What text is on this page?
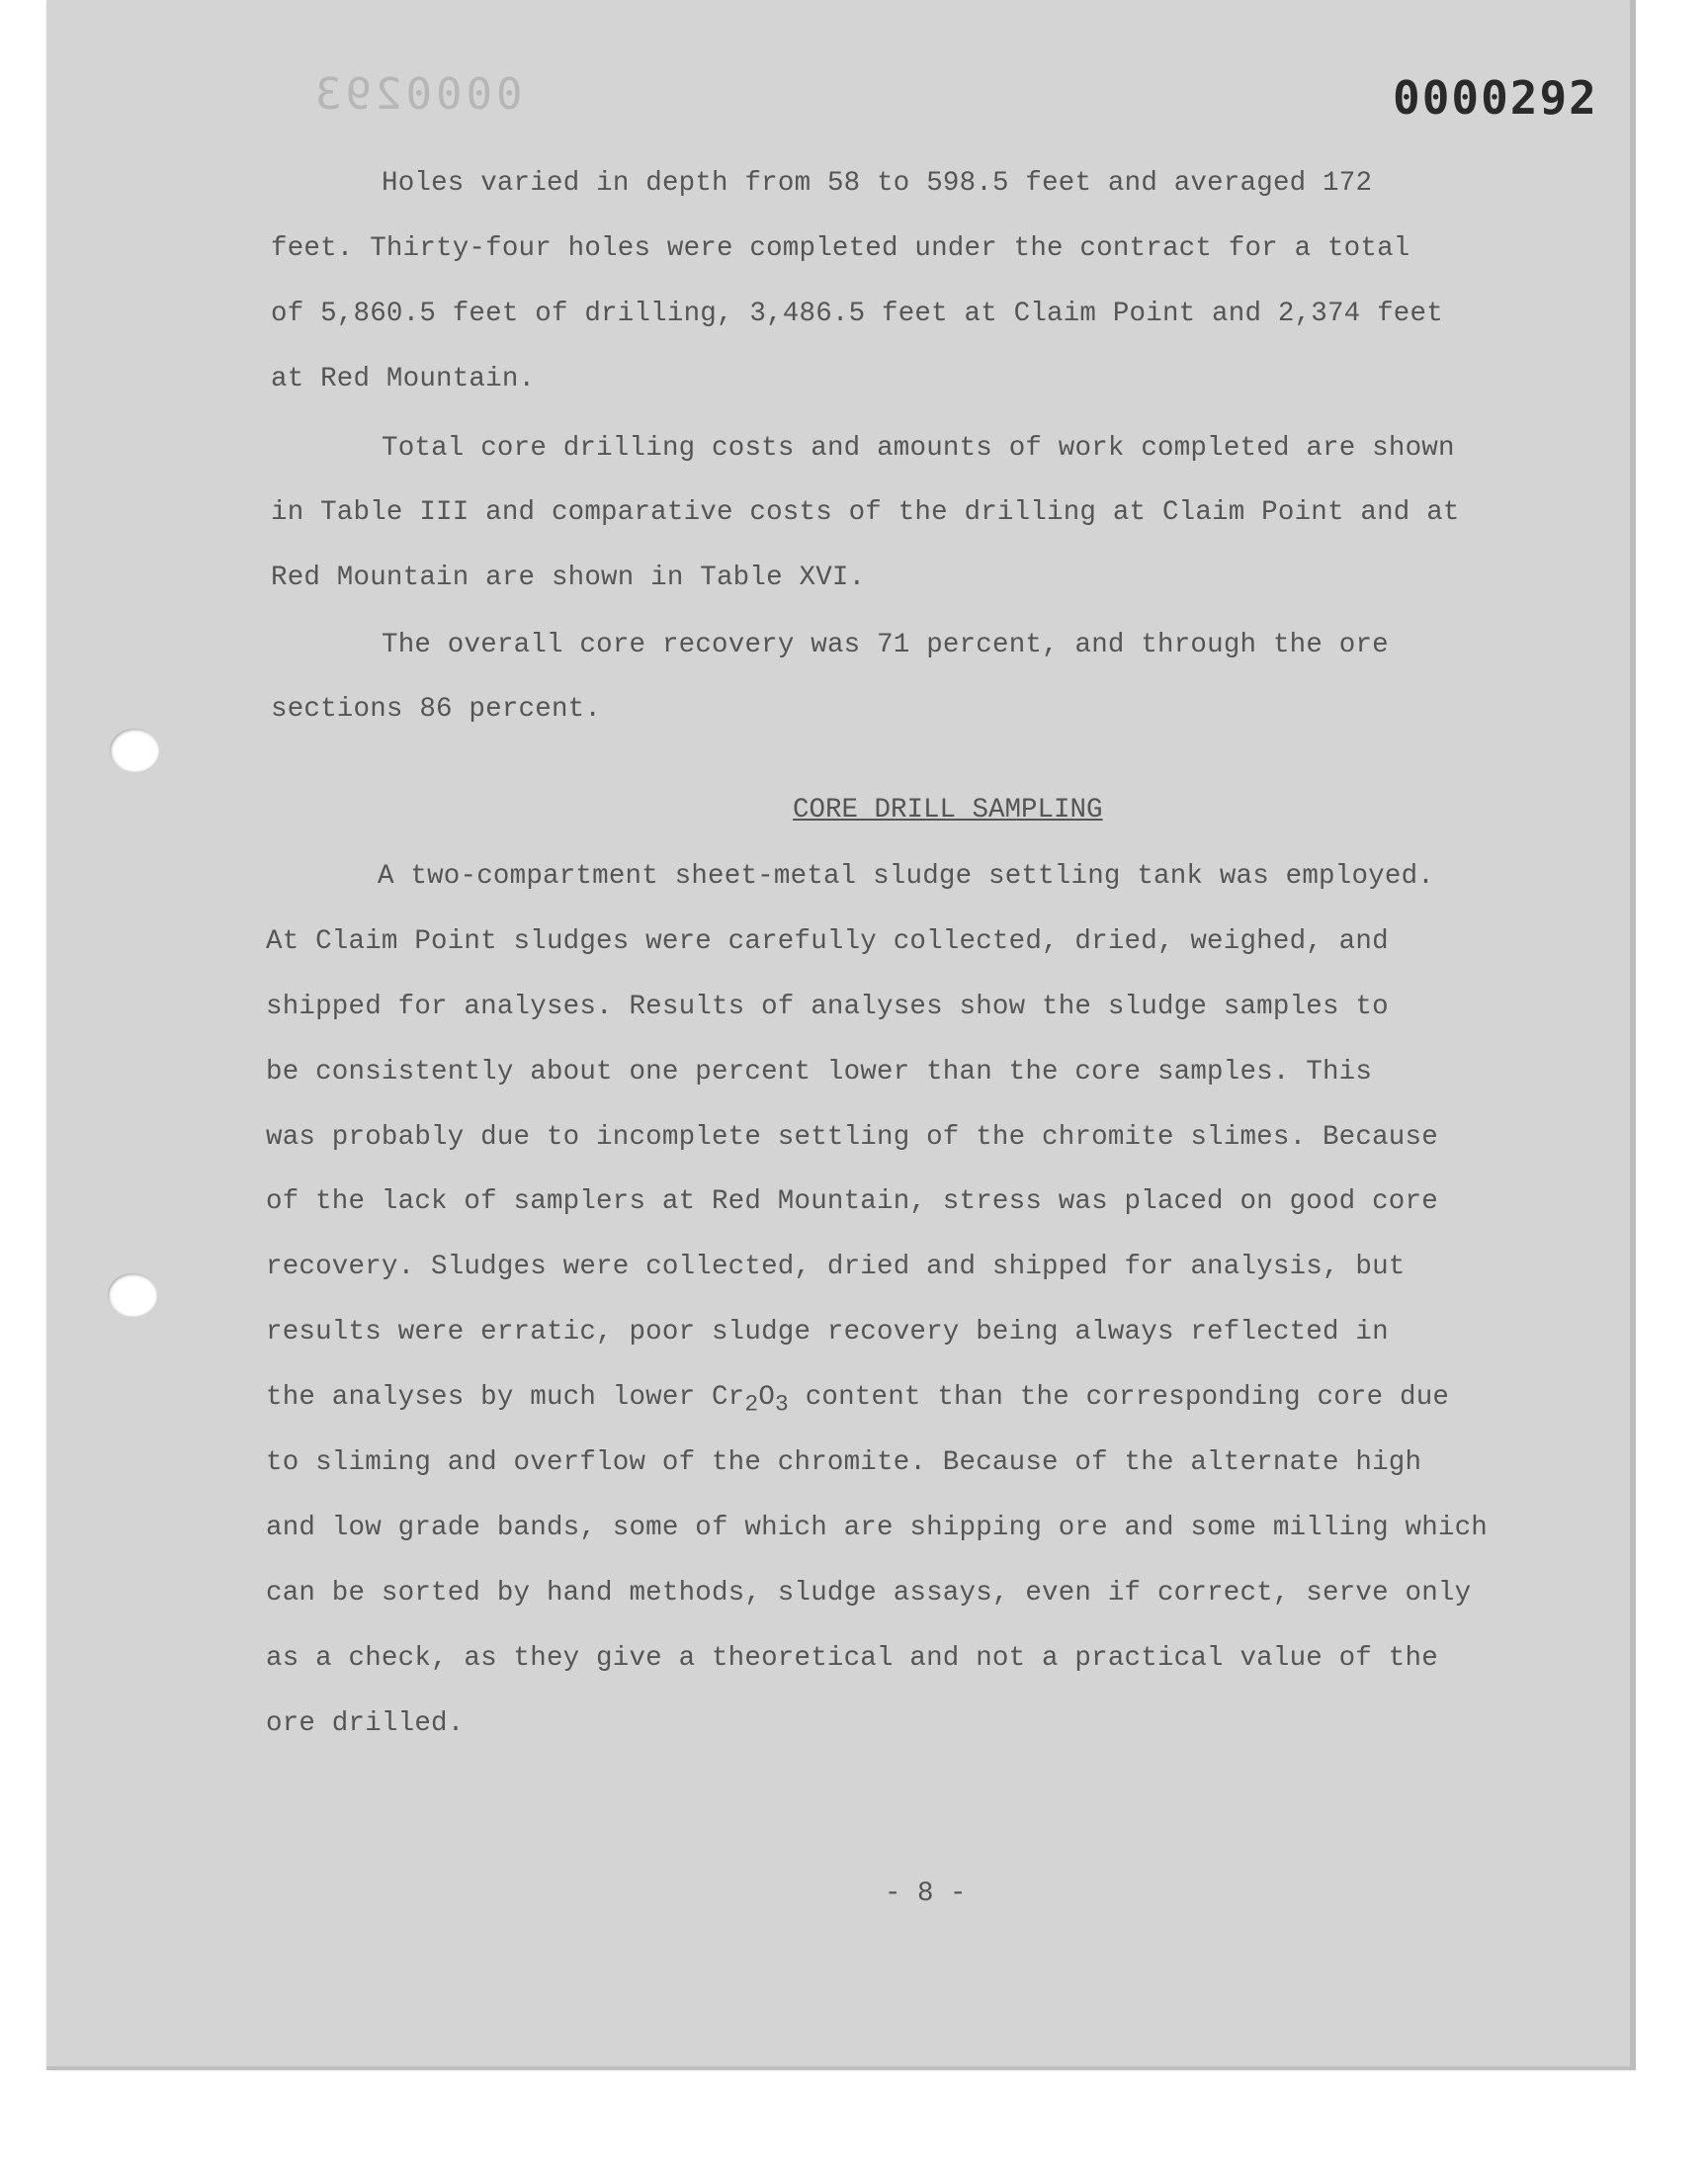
0000293	0000292
Holes varied in depth from 58 to 598.5 feet and averaged 172
feet. Thirty-four holes were completed under the contract for a total
of 5,860.5 feet of drilling, 3,486.5 feet at Claim Point and 2,374 feet
at Red Mountain.
Total core drilling costs and amounts of work completed are shown
in Table III and comparative costs of the drilling at Claim Point and at
Red Mountain are shown in Table XVI.
The overall core recovery was 71 percent, and through the ore
sections 86 percent.
CORE DRILL SAMPLING
A two-compartment sheet-metal sludge settling tank was employed.
At Claim Point sludges were carefully collected, dried, weighed, and
shipped for analyses. Results of analyses show the sludge samples to
be consistently about one percent lower than the core samples. This
was probably due to incomplete settling of the chromite slimes. Because
of the lack of samplers at Red Mountain, stress was placed on good core
recovery. Sludges were collected, dried and shipped for analysis, but
results were erratic, poor sludge recovery being always reflected in
the analyses by much lower $Cr_2O_3$ content than the corresponding core due
to sliming and overflow of the chromite. Because of the alternate high
and low grade bands, some of which are shipping ore and some milling which
can be sorted by hand methods, sludge assays, even if correct, serve only
as a check, as they give a theoretical and not a practical value of the
ore drilled.
- 8 -
